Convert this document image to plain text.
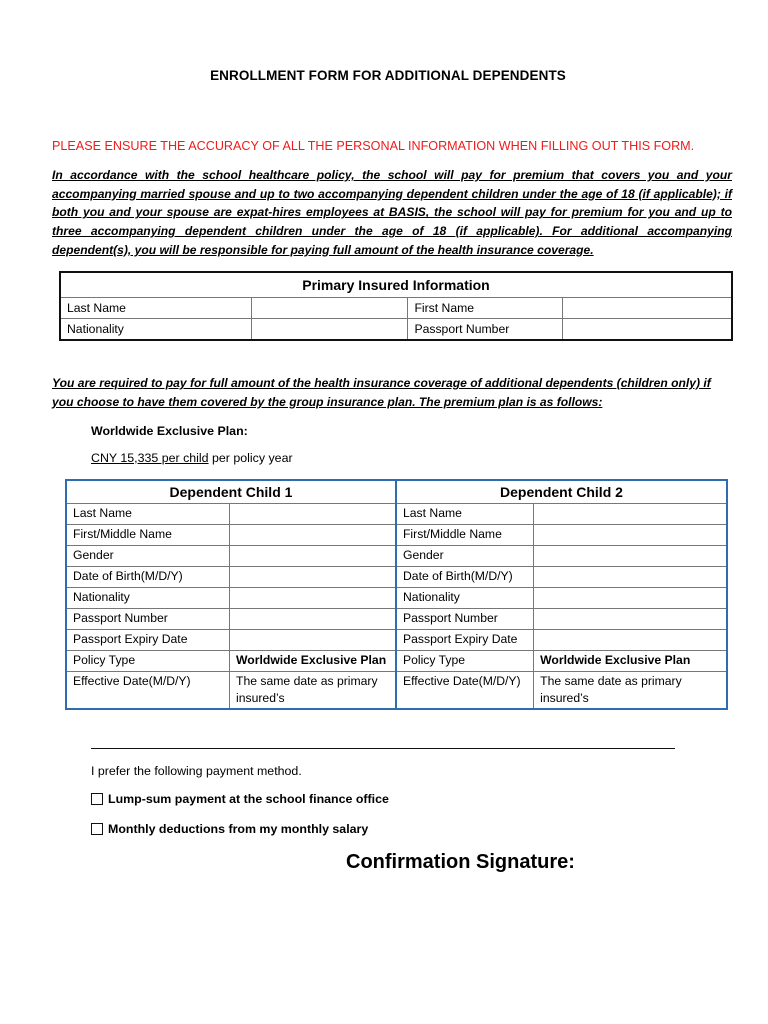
ENROLLMENT FORM FOR ADDITIONAL DEPENDENTS
PLEASE ENSURE THE ACCURACY OF ALL THE PERSONAL INFORMATION WHEN FILLING OUT THIS FORM.
In accordance with the school healthcare policy, the school will pay for premium that covers you and your accompanying married spouse and up to two accompanying dependent children under the age of 18 (if applicable); if both you and your spouse are expat-hires employees at BASIS, the school will pay for premium for you and up to three accompanying dependent children under the age of 18 (if applicable). For additional accompanying dependent(s), you will be responsible for paying full amount of the health insurance coverage.
Primary Insured Information			
Last Name		First Name	
Nationality		Passport Number	
You are required to pay for full amount of the health insurance coverage of additional dependents (children only) if you choose to have them covered by the group insurance plan. The premium plan is as follows:
Worldwide Exclusive Plan:
CNY 15,335 per child per policy year
Dependent Child 1		Dependent Child 2	
Last Name		Last Name	
First/Middle Name		First/Middle Name	
Gender		Gender	
Date of Birth(M/D/Y)		Date of Birth(M/D/Y)	
Nationality		Nationality	
Passport Number		Passport Number	
Passport Expiry Date		Passport Expiry Date	
Policy Type	Worldwide Exclusive Plan	Policy Type	Worldwide Exclusive Plan
Effective Date(M/D/Y)	The same date as primary insured’s	Effective Date(M/D/Y)	The same date as primary insured’s
I prefer the following payment method.
Lump-sum payment at the school finance office
Monthly deductions from my monthly salary
Confirmation Signature:
